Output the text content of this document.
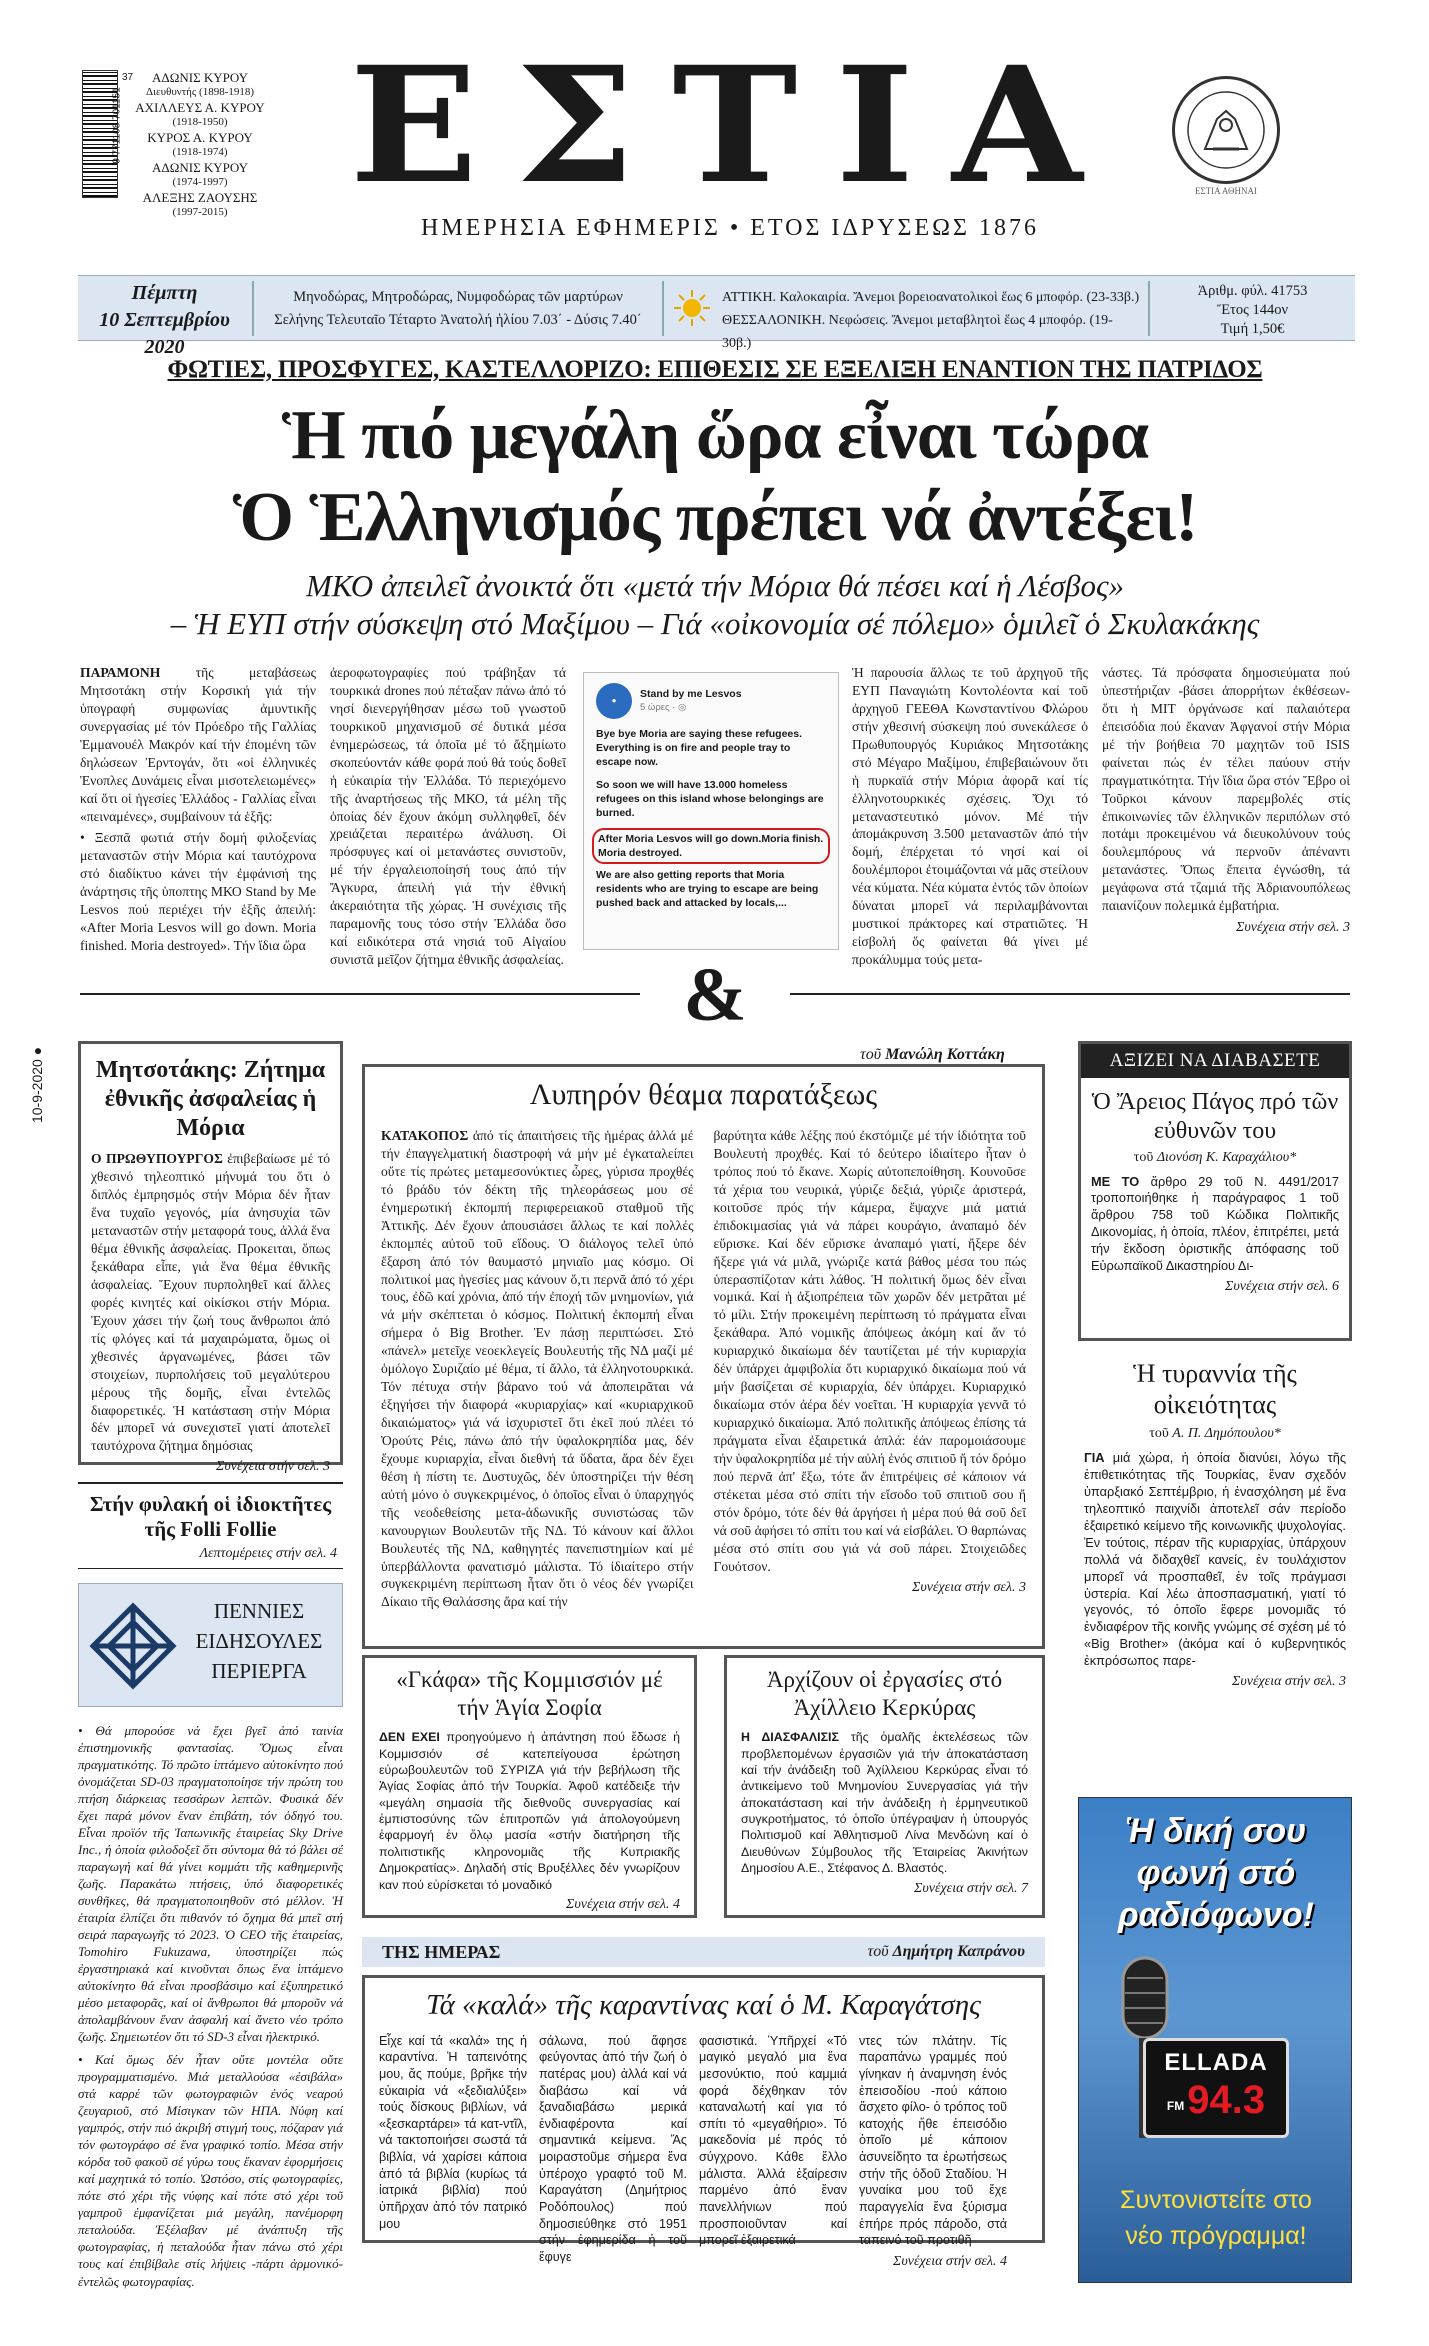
9 771108 701151
37	ΑΔΩΝΙΣ ΚΥΡΟΥ
Διευθυντής (1898-1918)
ΑΧΙΛΛΕΥΣ Α. ΚΥΡΟΥ
(1918-1950)
ΚΥΡΟΣ Α. ΚΥΡΟΥ
(1918-1974)
ΑΔΩΝΙΣ ΚΥΡΟΥ
(1974-1997)
ΑΛΕΞΗΣ ΖΑΟΥΣΗΣ
(1997-2015) ΕΣΤΙΑ
ΗΜΕΡΗΣΙΑ ΕΦΗΜΕΡΙΣ • ΕΤΟΣ ΙΔΡΥΣΕΩΣ 1876
ΕΣΤΙΑ ΑΘΗΝΑΙ
Πέμπτη
10 Σεπτεμβρίου 2020
Μηνοδώρας, Μητροδώρας, Νυμφοδώρας τῶν μαρτύρων
Σελήνης Τελευταῖο Τέταρτο Ἀνατολή ἡλίου 7.03΄ - Δύσις 7.40΄
ΑΤΤΙΚΗ. Καλοκαιρία. Ἄνεμοι βορειοανατολικοὶ ἕως 6 μποφόρ. (23-33β.)
ΘΕΣΣΑΛΟΝΙΚΗ. Νεφώσεις. Ἄνεμοι μεταβλητοὶ ἕως 4 μποφόρ. (19-30β.)
Ἀριθμ. φύλ. 41753
Ἔτος 144ον
Τιμή 1,50€
ΦΩΤΙΕΣ, ΠΡΟΣΦΥΓΕΣ, ΚΑΣΤΕΛΛΟΡΙΖΟ: ΕΠΙΘΕΣΙΣ ΣΕ ΕΞΕΛΙΞΗ ΕΝΑΝΤΙΟΝ ΤΗΣ ΠΑΤΡΙΔΟΣ
Ἡ πιό μεγάλη ὥρα εἶναι τώρα
Ὁ Ἑλληνισμός πρέπει νά ἀντέξει!
ΜΚΟ ἀπειλεῖ ἀνοικτά ὅτι «μετά τήν Μόρια θά πέσει καί ἡ Λέσβος»
– Ἡ ΕΥΠ στήν σύσκεψη στό Μαξίμου – Γιά «οἰκονομία σέ πόλεμο» ὁμιλεῖ ὁ Σκυλακάκης
ΠΑΡΑΜΟΝΗ τῆς μεταβάσεως Μητσοτάκη στήν Κορσική γιά τήν ὑπογραφή συμφωνίας ἀμυντικῆς συνεργασίας μέ τόν Πρόεδρο τῆς Γαλλίας Ἐμμανουέλ Μακρόν καί τήν ἐπομένη τῶν δηλώσεων Ἐρντογάν, ὅτι «οἱ ἑλληνικές Ἐνοπλες Δυνάμεις εἶναι μισοτελειωμένες» καί ὅτι οἱ ἡγεσίες Ἑλλάδος - Γαλλίας εἶναι «πειναμένες», συμβαίνουν τά ἑξῆς:
• Ξεσπᾶ φωτιά στήν δομή φιλοξενίας μεταναστῶν στήν Μόρια καί ταυτόχρονα στό διαδίκτυο κάνει τήν ἐμφάνισή της ἀνάρτησις τῆς ὑποπτης ΜΚΟ Stand by Me Lesvos πού περιέχει τήν ἑξῆς ἀπειλή: «After Moria Lesvos will go down. Moria finished. Moria destroyed». Τήν ἴδια ὥρα
ἀεροφωτογραφίες πού τράβηξαν τά τουρκικά drones πού πέταξαν πάνω ἀπό τό νησί διενεργήθησαν μέσω τοῦ γνωστοῦ τουρκικοῦ μηχανισμοῦ σέ δυτικά μέσα ἐνημερώσεως, τά ὁποῖα μέ τό ἄξημίωτο σκοπεύοντάν κάθε φορά πού θά τούς δοθεῖ ἡ εὐκαιρία τήν Ἑλλάδα. Τό περιεχόμενο τῆς ἀναρτήσεως τῆς ΜΚΟ, τά μέλη τῆς ὁποίας δέν ἔχουν ἀκόμη συλληφθεῖ, δέν χρειάζεται περαιτέρω ἀνάλυση. Οἱ πρόσφυγες καί οἱ μετανάστες συνιστοῦν, μέ τήν ἐργαλειοποίησή τους ἀπό τήν Ἄγκυρα, ἀπειλή γιά τήν ἐθνική ἀκεραιότητα τῆς χώρας. Ἡ συνέχισις τῆς παραμονῆς τους τόσο στήν Ἑλλάδα ὅσο καί ειδικότερα στά νησιά τοῦ Αἰγαίου συνιστᾶ μεῖζον ζήτημα ἐθνικῆς ἀσφαλείας.
●
Stand by me Lesvos
5 ώρες · ◎
Bye bye Moria are saying these refugees. Everything is on fire and people tray to escape now.
So soon we will have 13.000 homeless refugees on this island whose belongings are burned.
After Moria Lesvos will go down.Moria finish. Moria destroyed.
We are also getting reports that Moria residents who are trying to escape are being pushed back and attacked by locals,...
Ἡ παρουσία ἄλλως τε τοῦ ἀρχηγοῦ τῆς ΕΥΠ Παναγιώτη Κοντολέοντα καί τοῦ ἀρχηγοῦ ΓΕΕΘΑ Κωνσταντίνου Φλώρου στήν χθεσινή σύσκεψη πού συνεκάλεσε ὁ Πρωθυπουργός Κυριάκος Μητσοτάκης στό Μέγαρο Μαξίμου, ἐπιβεβαιώνουν ὅτι ἡ πυρκαϊά στήν Μόρια ἀφορᾶ καί τίς ἑλληνοτουρκικές σχέσεις. Ὄχι τό μεταναστευτικό μόνον. Μέ τήν ἀπομάκρυνση 3.500 μεταναστῶν ἀπό τήν δομή, ἐπέρχεται τό νησί καί οἱ δουλέμποροι ἐτοιμάζονται νά μᾶς στείλουν νέα κύματα. Νέα κύματα ἐντός τῶν ὁποίων δύναται μπορεῖ νά περιλαμβάνονται μυστικοί πράκτορες καί στρατιῶτες. Ἡ εἰσβολή ὅς φαίνεται θά γίνει μέ προκάλυμμα τούς μετα-
νάστες. Τά πρόσφατα δημοσιεύματα πού ὑπεστήριζαν -βάσει ἀπορρήτων ἐκθέσεων- ὅτι ἡ ΜΙΤ ὀργάνωσε καί παλαιότερα ἐπεισόδια πού ἔκαναν Ἀφγανοί στήν Μόρια μέ τήν βοήθεια 70 μαχητῶν τοῦ ISIS φαίνεται πώς ἐν τέλει παύουν στήν πραγματικότητα. Τήν ἴδια ὥρα στόν Ἔβρο οἱ Τοῦρκοι κάνουν παρεμβολές στίς ἐπικοινωνίες τῶν ἑλληνικῶν περιπόλων στό ποτάμι προκειμένου νά διευκολύνουν τούς δουλεμπόρους νά περνοῦν ἀπέναντι μετανάστες. Ὅπως ἔπειτα ἐγνώσθη, τά μεγάφωνα στά τζαμιά τῆς Ἀδριανουπόλεως παιανίζουν πολεμικά ἐμβατήρια.
Συνέχεια στήν σελ. 3
&
10-9-2020 ● Μητσοτάκης: Ζήτημα ἐθνικῆς ἀσφαλείας ἡ Μόρια
Ο ΠΡΩΘΥΠΟΥΡΓΟΣ ἐπιβεβαίωσε μέ τό χθεσινό τηλεοπτικό μήνυμά του ὅτι ὁ διπλός ἐμπρησμός στήν Μόρια δέν ἦταν ἕνα τυχαῖο γεγονός, μία ἀνησυχία τῶν μεταναστῶν στήν μεταφορά τους, ἀλλά ἕνα θέμα ἐθνικῆς ἀσφαλείας. Προκειται, ὅπως ξεκάθαρα εἶπε, γιά ἕνα θέμα ἐθνικῆς ἀσφαλείας. Ἔχουν πυρποληθεῖ καί ἄλλες φορές κινητές καί οἰκίσκοι στήν Μόρια. Ἐχουν χάσει τήν ζωή τους ἄνθρωποι ἀπό τίς φλόγες καί τά μαχαιρώματα, ὅμως οἱ χθεσινές ἀργανωμένες, βάσει τῶν στοιχείων, πυρπολήσεις τοῦ μεγαλύτερου μέρους τῆς δομῆς, εἶναι ἐντελῶς διαφορετικές. Ἡ κατάσταση στήν Μόρια δέν μπορεῖ νά συνεχιστεῖ γιατί ἀποτελεῖ ταυτόχρονα ζήτημα δημόσιας
Συνέχεια στήν σελ. 3
Στήν φυλακή οἱ ἰδιοκτῆτες τῆς Folli Follie
Λεπτομέρειες στήν σελ. 4
ΠΕΝΝΙΕΣ ΕΙΔΗΣΟΥΛΕΣ ΠΕΡΙΕΡΓΑ
• Θά μπορούσε νά ἔχει βγεῖ ἀπό ταινία ἐπιστημονικῆς φαντασίας. Ὅμως εἶναι πραγματικότης. Τό πρῶτο ἱπτάμενο αὐτοκίνητο πού ὀνομάζεται SD-03 πραγματοποίησε τήν πρώτη του πτήση διάρκειας τεσσάρων λεπτῶν. Φυσικά δέν ἔχει παρά μόνον ἕναν ἐπιβάτη, τόν ὁδηγό του. Εἶναι προϊόν τῆς Ἰαπωνικῆς ἑταιρείας Sky Drive Inc., ἡ ὁποία φιλοδοξεῖ ὅτι σύντομα θά τό βάλει σέ παραγωγή καί θά γίνει κομμάτι τῆς καθημερινῆς ζωῆς. Παρακάτω πτήσεις, ὑπό διαφορετικές συνθῆκες, θά πραγματοποιηθοῦν στό μέλλον. Ἡ ἑταιρία ἐλπίζει ὅτι πιθανόν τό ὄχημα θά μπεῖ στή σειρά παραγωγῆς τό 2023. Ὁ CEO τῆς ἑταιρείας, Tomohiro Fukuzawa, ὑποστηρίζει πώς ἐργαστηριακά καί κινοῦνται ὅπως ἕνα ἱπτάμενο αὐτοκίνητο θά εἶναι προσβάσιμο καί ἐξυπηρετικό μέσο μεταφορᾶς, καί οἱ ἄνθρωποι θά μποροῦν νά ἀπολαμβάνουν ἕναν ἀσφαλή καί ἄνετο νέο τρόπο ζωῆς. Σημειωτέον ὅτι τό SD-3 εἶναι ἠλεκτρικό.
• Καί ὅμως δέν ἦταν οὔτε μοντέλα οὔτε προγραμματισμένο. Μιά μεταλλούσα «ἐσιβάλα» στά καρρέ τῶν φωτογραφιῶν ἐνός νεαρού ζευγαριοῦ, στό Μίσιγκαν τῶν ΗΠΑ. Νύφη καί γαμπρός, στήν πιό ἀκριβή στιγμή τους, πόζαραν γιά τόν φωτογράφο σέ ἕνα γραφικό τοπίο. Μέσα στήν κόρδα τοῦ φακοῦ σέ γύρω τους ἔκαναν ἐφορμήσεις καί μαχητικά τό τοπίο. Ὡστόσο, στίς φωτογραφίες, πότε στό χέρι τῆς νύφης καί πότε στό χέρι τοῦ γαμπροῦ ἐμφανίζεται μιά μεγάλη, πανέμορφη πεταλούδα. Ἐξέλαβαν μέ ἀνάπτυξη τῆς φωτογραφίας, ἡ πεταλούδα ἦταν πάνω στό χέρι τους καί ἐπιβίβαλε στίς λήψεις -πάρτι ἀρμονικό- ἐντελῶς φωτογραφίας.
τοῦ Μανώλη Κοττάκη
Λυπηρόν θέαμα παρατάξεως
ΚΑΤΑΚΟΠΟΣ ἀπό τίς ἀπαιτήσεις τῆς ἡμέρας ἀλλά μέ τήν ἐπαγγελματική διαστροφή νά μήν μέ ἐγκαταλείπει οὔτε τίς πρώτες μεταμεσονύκτιες ὧρες, γύρισα προχθές τό βράδυ τόν δέκτη τῆς τηλεοράσεως μου σέ ἐνημερωτική ἐκπομπή περιφερειακοῦ σταθμοῦ τῆς Ἀττικῆς. Δέν ἔχουν ἀπουσιάσει ἄλλως τε καί πολλές ἐκπομπές αὐτοῦ τοῦ εἴδους. Ὁ διάλογος τελεῖ ὑπό ἔξαρση ἀπό τόν θαυμαστό μηνιαῖο μας κόσμο. Οἱ πολιτικοί μας ἡγεσίες μας κάνουν ὅ,τι περνᾶ ἀπό τό χέρι τους, ἐδῶ καί χρόνια, ἀπό τήν ἐποχή τῶν μνημονίων, γιά νά μήν σκέπτεται ὁ κόσμος. Πολιτική ἐκπομπή εἶναι σήμερα ὁ Big Brother. Ἐν πάσῃ περιπτώσει. Στό «πάνελ» μετεῖχε νεοεκλεγείς Βουλευτής τῆς ΝΔ μαζί μέ ὁμόλογο Συριζαίο μέ θέμα, τί ἄλλο, τά ἑλληνοτουρκικά. Τόν πέτυχα στήν βάρανο τού νά ἀποπειρᾶται νά ἐξηγήσει τήν διαφορά «κυριαρχίας» καί «κυριαρχικοῦ δικαιώματος» γιά νά ἰσχυριστεῖ ὅτι ἐκεῖ πού πλέει τό Ὀρούτς Ρέις, πάνω ἀπό τήν ὑφαλοκρηπίδα μας, δέν ἔχουμε κυριαρχία, εἶναι διεθνή τά ὕδατα, ἄρα δέν ἔχει θέση ἡ πίστη τε. Δυστυχῶς, δέν ὑποστηρίζει τήν θέση αὐτή μόνο ὁ συγκεκριμένος, ὁ ὁποῖος εἶναι ὁ ὑπαρχηγός τῆς νεοδεθείσης μετα-ἀδωνικῆς συνιστώσας τῶν κανουργιων Βουλευτῶν τῆς ΝΔ. Τό κάνουν καί ἄλλοι Βουλευτές τῆς ΝΔ, καθηγητές πανεπιστημίων καί μέ ὑπερβάλλοντα φανατισμό μάλιστα. Τό ἰδιαίτερο στήν συγκεκριμένη περίπτωση ἦταν ὅτι ὁ νέος δέν γνωρίζει Δίκαιο τῆς Θαλάσσης ἄρα καί τήν
βαρύτητα κάθε λέξης πού ἐκστόμιζε μέ τήν ἰδιότητα τοῦ Βουλευτή προχθές. Καί τό δεύτερο ἰδιαίτερο ἦταν ὁ τρόπος πού τό ἔκανε. Χωρίς αὐτοπεποίθηση. Κουνοῦσε τά χέρια του νευρικά, γύριζε δεξιά, γύριζε ἀριστερά, κοιτοῦσε πρός τήν κάμερα, ἔψαχνε μιά ματιά ἐπιδοκιμασίας γιά νά πάρει κουράγιο, ἀναπαμό δέν εὕρισκε. Καί δέν εὕρισκε ἀναπαμό γιατί, ἤξερε δέν ἤξερε γιά νά μιλᾶ, γνώριζε κατά βάθος μέσα του πώς ὑπερασπίζοταν κάτι λάθος. Ἡ πολιτική ὅμως δέν εἶναι νομικά. Καί ἡ ἀξιοπρέπεια τῶν χωρῶν δέν μετρᾶται μέ τό μίλι. Στήν προκειμένη περίπτωση τό πράγματα εἶναι ξεκάθαρα. Ἀπό νομικῆς ἀπόψεως ἀκόμη καί ἄν τό κυριαρχικό δικαίωμα δέν ταυτίζεται μέ τήν κυριαρχία δέν ὑπάρχει ἀμφιβολία ὅτι κυριαρχικό δικαίωμα πού νά μήν βασίζεται σέ κυριαρχία, δέν ὑπάρχει. Κυριαρχικό δικαίωμα στόν ἀέρα δέν νοεῖται. Ἡ κυριαρχία γεννᾶ τό κυριαρχικό δικαίωμα. Ἀπό πολιτικῆς ἀπόψεως ἐπίσης τά πράγματα εἶναι ἐξαιρετικά ἁπλά: ἐάν παρομοιάσουμε τήν ὑφαλοκρηπίδα μέ τήν αὐλή ἑνός σπιτιοῦ ἤ τόν δρόμο πού περνᾶ ἀπ' ἔξω, τότε ἄν ἐπιτρέψεις σέ κάποιον νά στέκεται μέσα στό σπίτι τήν εἴσοδο τοῦ σπιτιοῦ σου ἤ στόν δρόμο, τότε δέν θά ἀργήσει ἡ μέρα πού θά σοῦ δεῖ νά σοῦ ἀφήσει τό σπίτι του καί νά εἰσβάλει. Ὁ θαρπώνας μέσα στό σπίτι σου γιά νά σοῦ πάρει. Στοιχειῶδες Γουότσον.
Συνέχεια στήν σελ. 3
ΑΞΙΖΕΙ ΝΑ ΔΙΑΒΑΣΕΤΕ
Ὁ Ἄρειος Πάγος πρό τῶν εὐθυνῶν του
τοῦ Διονύση Κ. Καραχάλιου*
ΜΕ ΤΟ ἄρθρο 29 τοῦ Ν. 4491/2017 τροποποιήθηκε ἡ παράγραφος 1 τοῦ ἄρθρου 758 τοῦ Κώδικα Πολιτικῆς Δικονομίας, ἡ ὁποία, πλέον, ἐπιτρέπει, μετά τήν ἔκδοση ὁριστικῆς ἀπόφασης τοῦ Εὐρωπαϊκοῦ Δικαστηρίου Δι-
Συνέχεια στήν σελ. 6
Ἡ τυραννία τῆς οἰκειότητας
τοῦ Α. Π. Δημόπουλου*
ΓΙΑ μιά χώρα, ἡ ὁποία διανύει, λόγω τῆς ἐπιθετικότητας τῆς Τουρκίας, ἕναν σχεδόν ὑπαρξιακό Σεπτέμβριο, ἡ ἐνασχόληση μέ ἕνα τηλεοπτικό παιχνίδι ἀποτελεῖ σάν περίοδο ἐξαιρετικό κείμενο τῆς κοινωνικῆς ψυχολογίας. Ἐν τούτοις, πέραν τῆς κυριαρχίας, ὑπάρχουν πολλά νά διδαχθεῖ κανείς, ἐν τουλάχιστον μπορεῖ νά προσπαθεῖ, ἐν τοῖς πράγμασι ὑστερία. Καί λέω ἀποσπασματική, γιατί τό γεγονός, τό ὁποῖο ἔφερε μονομιᾶς τό ἐνδιαφέρον τῆς κοινῆς γνώμης σέ σχέση μέ τό «Big Brother» (ἀκόμα καί ὁ κυβερνητικός ἐκπρόσωπος παρε-
Συνέχεια στήν σελ. 3
Ἡ δική σου
φωνή στό
ραδιόφωνο!
ELLADA
FM 94.3
Συντονιστείτε στο
νέο πρόγραμμα!
«Γκάφα» τῆς Κομμισσιόν μέ τήν Ἁγία Σοφία
ΔΕΝ ΕΧΕΙ προηγούμενο ἡ ἀπάντηση πού ἔδωσε ἡ Κομμισσιόν σέ κατεπείγουσα ἐρώτηση εὐρωβουλευτῶν τοῦ ΣΥΡΙΖΑ γιά τήν βεβήλωση τῆς Ἁγίας Σοφίας ἀπό τήν Τουρκία. Ἀφοῦ κατέδειξε τήν «μεγάλη σημασία τῆς διεθνοῦς συνεργασίας καί ἐμπιστοσύνης τῶν ἐπιτροπῶν γιά ἀπολογούμενη ἐφαρμογή ἐν ὅλῳ μασία «στήν διατήρηση τῆς πολιτιστικῆς κληρονομιᾶς τῆς Κυπριακῆς Δημοκρατίας». Δηλαδή στίς Βρυξέλλες δέν γνωρίζουν καν πού εὑρίσκεται τό μοναδικό
Συνέχεια στήν σελ. 4
Ἀρχίζουν οἱ ἐργασίες στό Ἀχίλλειο Κερκύρας
Η ΔΙΑΣΦΑΛΙΣΙΣ τῆς ὁμαλῆς ἐκτελέσεως τῶν προβλεπομένων ἐργασιῶν γιά τήν ἀποκατάσταση καί τήν ἀνάδειξη τοῦ Ἀχίλλειου Κερκύρας εἶναι τό ἀντικείμενο τοῦ Μνημονίου Συνεργασίας γιά τήν ἀποκατάσταση καί τήν ἀνάδειξη ἡ ἐρμηνευτικοῦ συγκροτήματος, τό ὁποῖο ὑπέγραψαν ἡ ὑπουργός Πολιτισμοῦ καί Ἀθλητισμοῦ Λίνα Μενδώνη καί ὁ Διευθύνων Σύμβουλος τῆς Ἑταιρείας Ἀκινήτων Δημοσίου Α.Ε., Στέφανος Δ. Βλαστός.
Συνέχεια στήν σελ. 7
ΤΗΣ ΗΜΕΡΑΣ	τοῦ Δημήτρη Καπράνου
Τά «καλά» τῆς καραντίνας καί ὁ Μ. Καραγάτσης
Εἶχε καί τά «καλά» της ἡ καραντίνα. Ἡ ταπεινότης μου, ἄς πούμε, βρῆκε τήν εὐκαιρία νά «ξεδιαλύξει» τούς δίσκους βιβλίων, νά «ξεσκαρτάρει» τά κατ-ντῖλ, νά τακτοποιήσει σωστά τά βιβλία, νά χαρίσει κάποια ἀπό τά βιβλία (κυρίως τά ἰατρικά βιβλία) πού ὑπῆρχαν ἀπό τόν πατρικό μου
σάλωνα, πού ἄφησε φεύγοντας ἀπό τήν ζωή ὁ πατέρας μου) ἀλλά καί νά διαβάσω καί νά ξαναδιαβάσω μερικά ἐνδιαφέροντα καί σημαντικά κείμενα. Ἄς μοιραστοῦμε σήμερα ἕνα ὑπέροχο γραφτό τοῦ Μ. Καραγάτση (Δημήτριος Ροδόπουλος) πού δημοσιεύθηκε στό 1951 στήν ἐφημερίδα ἡ τοῦ ἔφυγε
φασιστικά. Ὑπῆρχεί «Τό μαγικό μεγαλό μια ἔνα μεσονύκτιο, πού καμμιά φορά δέχθηκαν τόν καταναλωτή καί για τό σπίτι τό «μεγαθήριο». Τό μακεδονία μέ πρός τό σύγχρονο. Κάθε ἔλλο μάλιστα. Ἀλλά ἐξαίρεσιν παρμένο ἀπό ἕναν πανελλήνιων πού προσποιοῦνταν καί μπορεῖ ἐξαιρετικά
ντες τών πλάτην. Τίς παραπάνω γραμμές πού γίνηκαν ἡ ἀναμνηση ἑνός ἐπεισοδίου -πού κάποιο ἄσχετο φίλο- ὁ τρόπος τοῦ κατοχής ἤθε ἐπεισόδιο ὁποῖο μέ κάποιον ἀσυνείδητο τα ἐρωτήσεως στήν τῆς ὁδοῦ Σταδίου. Ἡ γυναίκα μου τοῦ ἔχε παραγγελία ἕνα ξύρισμα ἐπήρε πρός πάροδο, στά ταπεινό τοῦ προτιθῆ
Συνέχεια στήν σελ. 4
